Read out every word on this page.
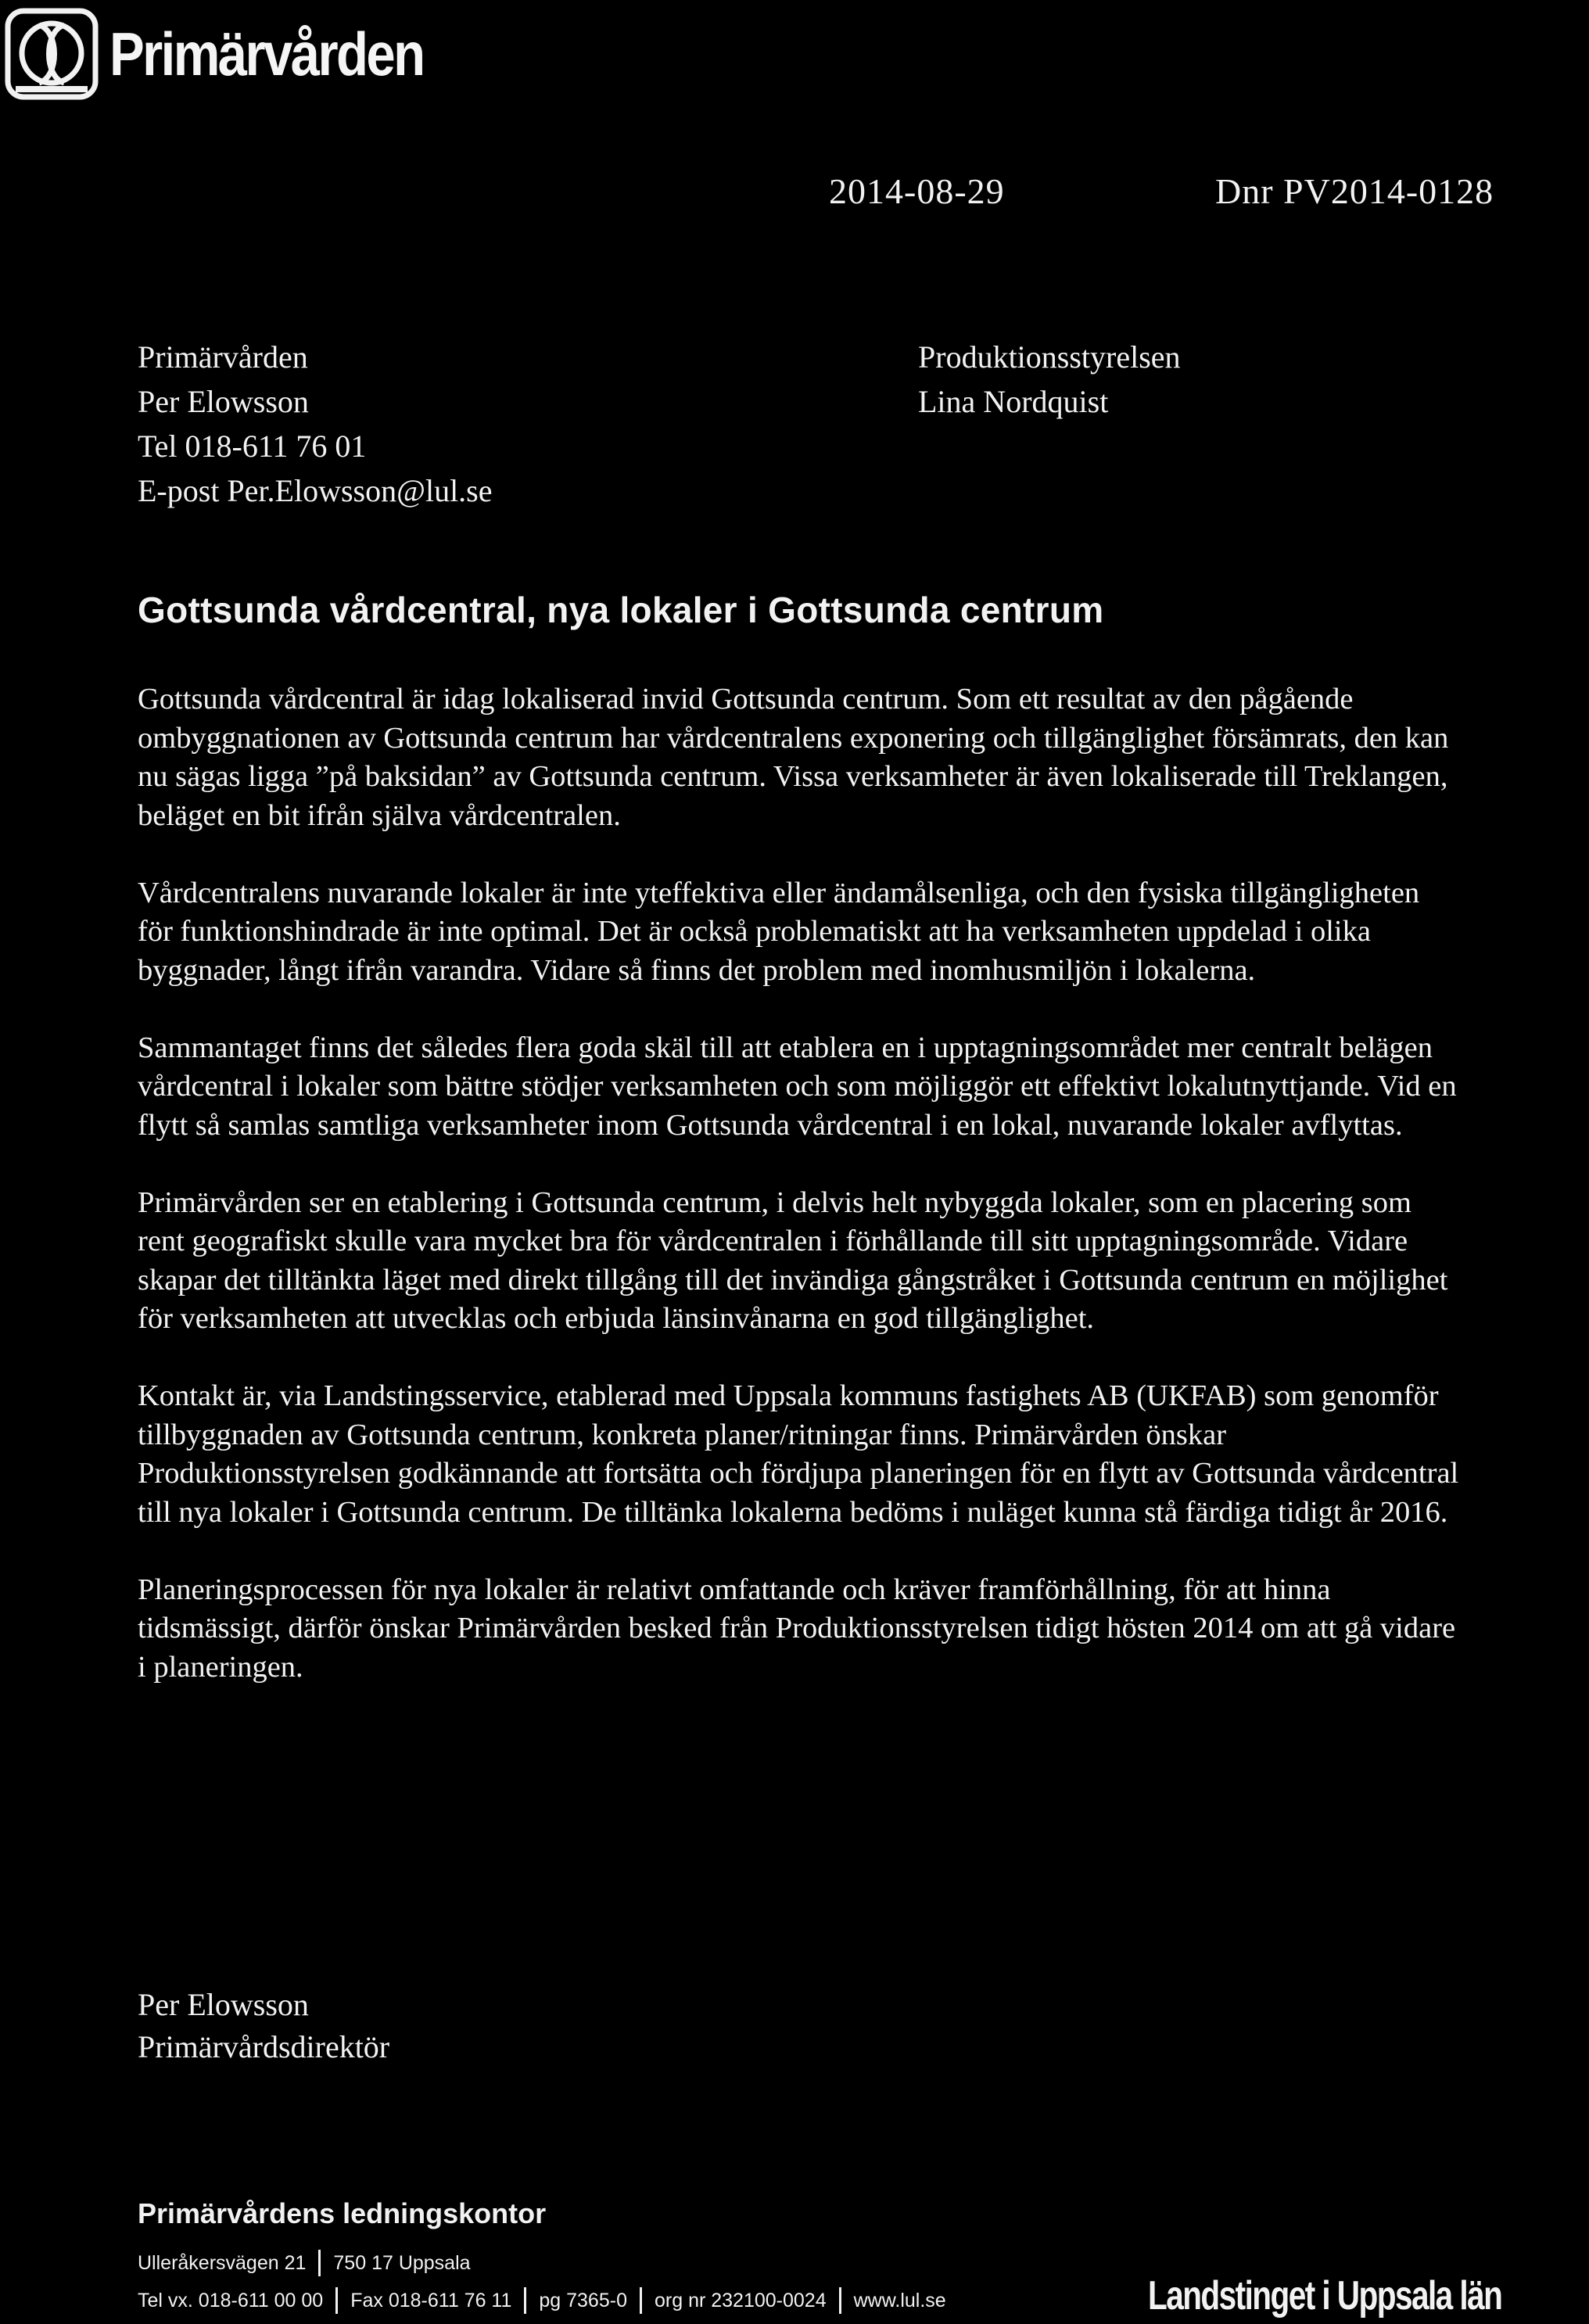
Primärvården
2014-08-29	Dnr PV2014-0128
Primärvården
Per Elowsson
Tel 018-611 76 01
E-post Per.Elowsson@lul.se
Produktionsstyrelsen
Lina Nordquist
Gottsunda vårdcentral, nya lokaler i Gottsunda centrum

Gottsunda vårdcentral är idag lokaliserad invid Gottsunda centrum. Som ett resultat av den pågående ombyggnationen av Gottsunda centrum har vårdcentralens exponering och tillgänglighet försämrats, den kan nu sägas ligga ”på baksidan” av Gottsunda centrum. Vissa verksamheter är även lokaliserade till Treklangen, beläget en bit ifrån själva vårdcentralen.

Vårdcentralens nuvarande lokaler är inte yteffektiva eller ändamålsenliga, och den fysiska tillgängligheten för funktionshindrade är inte optimal. Det är också problematiskt att ha verksamheten uppdelad i olika byggnader, långt ifrån varandra. Vidare så finns det problem med inomhusmiljön i lokalerna.

Sammantaget finns det således flera goda skäl till att etablera en i upptagningsområdet mer centralt belägen vårdcentral i lokaler som bättre stödjer verksamheten och som möjliggör ett effektivt lokalutnyttjande. Vid en flytt så samlas samtliga verksamheter inom Gottsunda vårdcentral i en lokal, nuvarande lokaler avflyttas.

Primärvården ser en etablering i Gottsunda centrum, i delvis helt nybyggda lokaler, som en placering som rent geografiskt skulle vara mycket bra för vårdcentralen i förhållande till sitt upptagningsområde. Vidare skapar det tilltänkta läget med direkt tillgång till det invändiga gångstråket i Gottsunda centrum en möjlighet för verksamheten att utvecklas och erbjuda länsinvånarna en god tillgänglighet.

Kontakt är, via Landstingsservice, etablerad med Uppsala kommuns fastighets AB (UKFAB) som genomför tillbyggnaden av Gottsunda centrum, konkreta planer/ritningar finns. Primärvården önskar Produktionsstyrelsen godkännande att fortsätta och fördjupa planeringen för en flytt av Gottsunda vårdcentral till nya lokaler i Gottsunda centrum. De tilltänka lokalerna bedöms i nuläget kunna stå färdiga tidigt år 2016.

Planeringsprocessen för nya lokaler är relativt omfattande och kräver framförhållning, för att hinna tidsmässigt, därför önskar Primärvården besked från Produktionsstyrelsen tidigt hösten 2014 om att gå vidare i planeringen.

Per Elowsson
Primärvårdsdirektör
Primärvårdens ledningskontor
Ulleråkersvägen 21 750 17 Uppsala
Tel vx. 018-611 00 00 Fax 018-611 76 11 pg 7365-0 org nr 232100-0024 www.lul.se	Landstinget i Uppsala län
